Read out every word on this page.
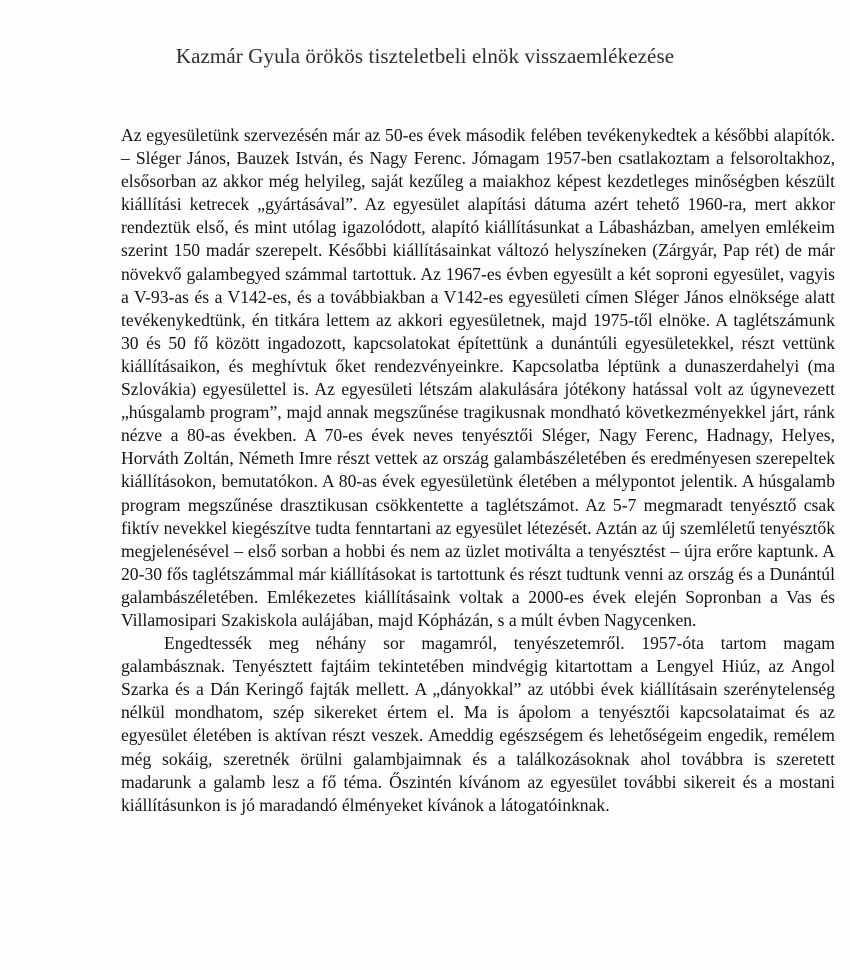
Kazmár Gyula örökös tiszteletbeli elnök visszaemlékezése

Az egyesületünk szervezésén már az 50-es évek második felében tevékenykedtek a későbbi alapítók. – Sléger János, Bauzek István, és Nagy Ferenc. Jómagam 1957-ben csatlakoztam a felsoroltakhoz, elsősorban az akkor még helyileg, saját kezűleg a maiakhoz képest kezdetleges minőségben készült kiállítási ketrecek „gyártásával”. Az egyesület alapítási dátuma azért tehető 1960-ra, mert akkor rendeztük első, és mint utólag igazolódott, alapító kiállításunkat a Lábasházban, amelyen emlékeim szerint 150 madár szerepelt. Későbbi kiállításainkat változó helyszíneken (Zárgyár, Pap rét) de már növekvő galambegyed számmal tartottuk. Az 1967-es évben egyesült a két soproni egyesület, vagyis a V-93-as és a V142-es, és a továbbiakban a V142-es egyesületi címen Sléger János elnöksége alatt tevékenykedtünk, én titkára lettem az akkori egyesületnek, majd 1975-től elnöke. A taglétszámunk 30 és 50 fő között ingadozott, kapcsolatokat építettünk a dunántúli egyesületekkel, részt vettünk kiállításaikon, és meghívtuk őket rendezvényeinkre. Kapcsolatba léptünk a dunaszerdahelyi (ma Szlovákia) egyesülettel is. Az egyesületi létszám alakulására jótékony hatással volt az úgynevezett „húsgalamb program”, majd annak megszűnése tragikusnak mondható következményekkel járt, ránk nézve a 80-as években. A 70-es évek neves tenyésztői Sléger, Nagy Ferenc, Hadnagy, Helyes, Horváth Zoltán, Németh Imre részt vettek az ország galambászéletében és eredményesen szerepeltek kiállításokon, bemutatókon. A 80-as évek egyesületünk életében a mélypontot jelentik. A húsgalamb program megszűnése drasztikusan csökkentette a taglétszámot. Az 5-7 megmaradt tenyésztő csak fiktív nevekkel kiegészítve tudta fenntartani az egyesület létezését. Aztán az új szemléletű tenyésztők megjelenésével – első sorban a hobbi és nem az üzlet motiválta a tenyésztést – újra erőre kaptunk. A 20-30 fős taglétszámmal már kiállításokat is tartottunk és részt tudtunk venni az ország és a Dunántúl galambászéletében. Emlékezetes kiállításaink voltak a 2000-es évek elején Sopronban a Vas és Villamosipari Szakiskola aulájában, majd Kópházán, s a múlt évben Nagycenken.

Engedtessék meg néhány sor magamról, tenyészetemről. 1957-óta tartom magam galambásznak. Tenyésztett fajtáim tekintetében mindvégig kitartottam a Lengyel Hiúz, az Angol Szarka és a Dán Keringő fajták mellett. A „dányokkal” az utóbbi évek kiállításain szerénytelenség nélkül mondhatom, szép sikereket értem el. Ma is ápolom a tenyésztői kapcsolataimat és az egyesület életében is aktívan részt veszek. Ameddig egészségem és lehetőségeim engedik, remélem még sokáig, szeretnék örülni galambjaimnak és a találkozásoknak ahol továbbra is szeretett madarunk a galamb lesz a fő téma. Őszintén kívánom az egyesület további sikereit és a mostani kiállításunkon is jó maradandó élményeket kívánok a látogatóinknak.
